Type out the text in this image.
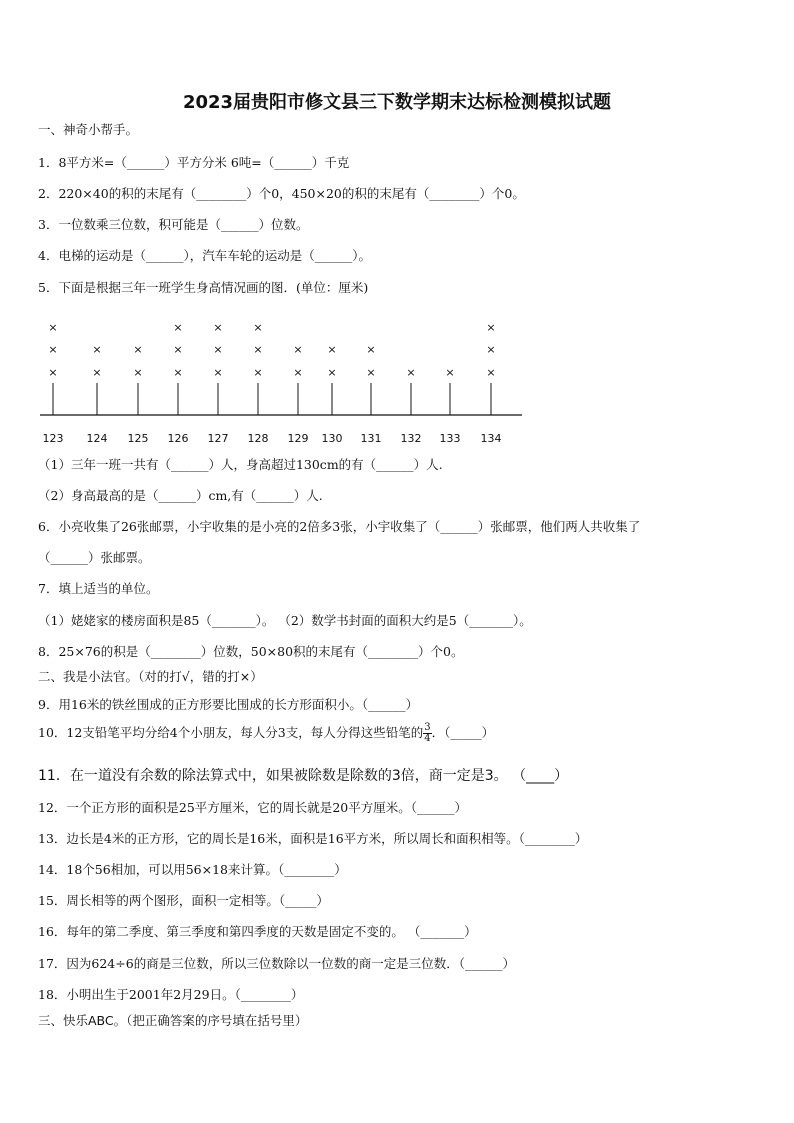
2023届贵阳市修文县三下数学期末达标检测模拟试题
一、神奇小帮手。
1．8平方米=（______）平方分米 6吨=（______）千克
2．220×40的积的末尾有（________）个0，450×20的积的末尾有（________）个0。
3．一位数乘三位数，积可能是（______）位数。
4．电梯的运动是（______），汽车车轮的运动是（______）。
5．下面是根据三年一班学生身高情况画的图．(单位：厘米)
×
×
×
×
×
×
×
×
×
×
×
×
×
×
×
×
×
×
×
×
×
×
×	×	×
×
×
123 124 125 126 127 128 129 130 131 132 133 134
（1）三年一班一共有（______）人，身高超过130cm的有（______）人.
（2）身高最高的是（______）cm,有（______）人.
6．小亮收集了26张邮票，小宇收集的是小亮的2倍多3张，小宇收集了（______）张邮票，他们两人共收集了
（______）张邮票。
7．填上适当的单位。
（1）姥姥家的楼房面积是85（_______）。 （2）数学书封面的面积大约是5（_______）。
8．25×76的积是（________）位数，50×80积的末尾有（________）个0。
二、我是小法官。（对的打√，错的打×）
9．用16米的铁丝围成的正方形要比围成的长方形面积小。（______）
10．12支铅笔平均分给4个小朋友，每人分3支，每人分得这些铅笔的 $\frac{3}{4}$ ．（_____）
11．在一道没有余数的除法算式中，如果被除数是除数的3倍，商一定是3。 （____）
12．一个正方形的面积是25平方厘米，它的周长就是20平方厘米。（______）
13．边长是4米的正方形，它的周长是16米，面积是16平方米，所以周长和面积相等。（________）
14．18个56相加，可以用56×18来计算。（________）
15．周长相等的两个图形，面积一定相等。（_____）
16．每年的第二季度、第三季度和第四季度的天数是固定不变的。 （_______）
17．因为624÷6的商是三位数，所以三位数除以一位数的商一定是三位数．（______）
18．小明出生于2001年2月29日。（________）
三、快乐ABC。（把正确答案的序号填在括号里）
